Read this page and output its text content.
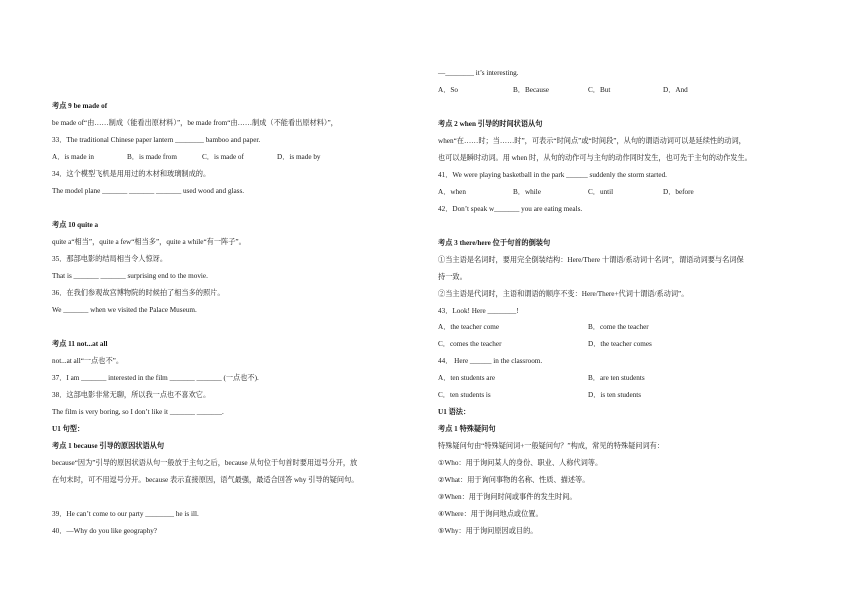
考点 9 be made of
be made of“由……制成（能看出原材料）”，be made from“由……制成（不能看出原材料）”，
33．The traditional Chinese paper lantern ________ bamboo and paper.
A．is made in	B．is made from	C．is made of	D．is made by
34．这个模型飞机是用用过的木材和玻璃制成的。
The model plane _______ _______ _______ used wood and glass.
考点 10 quite a
quite a“相当”，quite a few“相当多”，quite a while“有一阵子”。
35．那部电影的结局相当令人惊讶。
That is _______ _______ surprising end to the movie.
36．在我们参观故宫博物院的时候拍了相当多的照片。
We _______ when we visited the Palace Museum.
考点 11 not...at all
not...at all“一点也不”。
37．I am _______ interested in the film _______ _______ (一点也不).
38．这部电影非常无聊，所以我一点也不喜欢它。
The film is very boring, so I don’t like it _______ _______.
U1 句型：
考点 1 because 引导的原因状语从句
because“因为”引导的原因状语从句一般放于主句之后，because 从句位于句首时要用逗号分开，放
在句末时，可不用逗号分开。because 表示直接原因，语气最强，最适合回答 why 引导的疑问句。
39．He can’t come to our party ________ he is ill.
40．—Why do you like geography?
—________ it’s interesting.
A．So	B．Because	C．But	D．And
考点 2 when 引导的时间状语从句
when“在……时；当……时”，可表示“时间点”或“时间段”，从句的谓语动词可以是延续性的动词，
也可以是瞬时动词。用 when 时，从句的动作可与主句的动作同时发生，也可先于主句的动作发生。
41．We were playing basketball in the park ______ suddenly the storm started.
A．when	B．while	C．until	D．before
42．Don’t speak w_______ you are eating meals.
考点 3 there/here 位于句首的倒装句
①当主语是名词时，要用完全倒装结构：Here/There 十谓语/系动词十名词”，谓语动词要与名词保
持一致。
②当主语是代词时，主语和谓语的顺序不变：Here/There+代词十谓语/系动词”。
43．Look! Here ________!
A．the teacher come	B．come the teacher
C．comes the teacher	D．the teacher comes
44． Here ______ in the classroom.
A．ten students are	B．are ten students
C．ten students is	D．is ten students
U1 语法：
考点 1 特殊疑问句
特殊疑问句由“特殊疑问词+一般疑问句？”构成，常见的特殊疑问词有：
①Who：用于询问某人的身份、职业、人称代词等。
②What：用于询问事物的名称、性质、描述等。
③When：用于询问时间或事件的发生时间。
④Where：用于询问地点或位置。
⑤Why：用于询问原因或目的。
